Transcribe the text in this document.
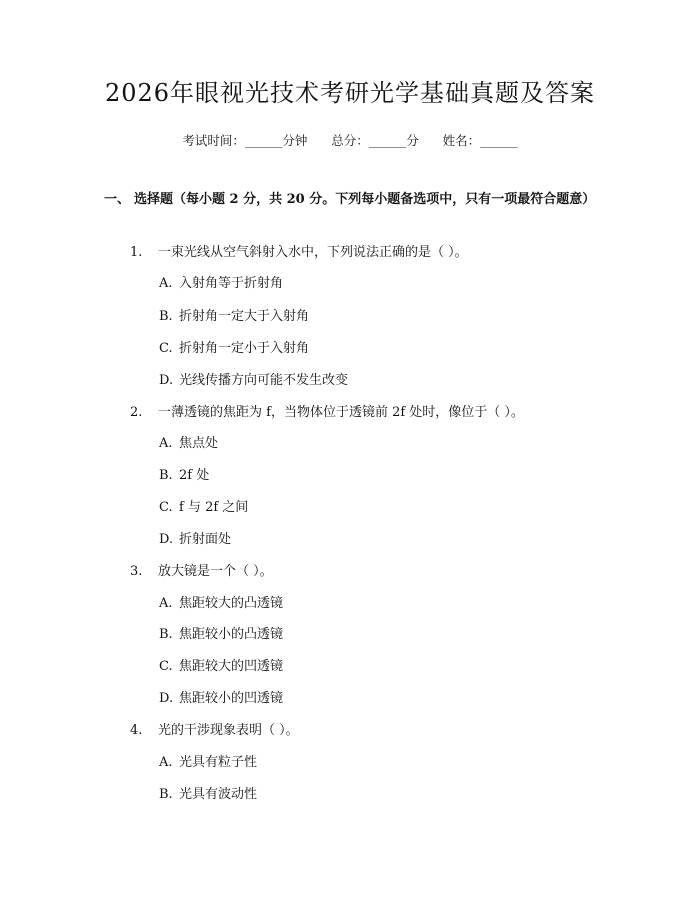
2026年眼视光技术考研光学基础真题及答案
考试时间：______分钟      总分：______分      姓名：______
一、 选择题（每小题 2 分，共 20 分。下列每小题备选项中，只有一项最符合题意）
1. 一束光线从空气斜射入水中，下列说法正确的是（ ）。
A. 入射角等于折射角
B. 折射角一定大于入射角
C. 折射角一定小于入射角
D. 光线传播方向可能不发生改变
2. 一薄透镜的焦距为 f，当物体位于透镜前 2f 处时，像位于（ ）。
A. 焦点处
B. 2f 处
C. f 与 2f 之间
D. 折射面处
3. 放大镜是一个（ ）。
A. 焦距较大的凸透镜
B. 焦距较小的凸透镜
C. 焦距较大的凹透镜
D. 焦距较小的凹透镜
4. 光的干涉现象表明（ ）。
A. 光具有粒子性
B. 光具有波动性
